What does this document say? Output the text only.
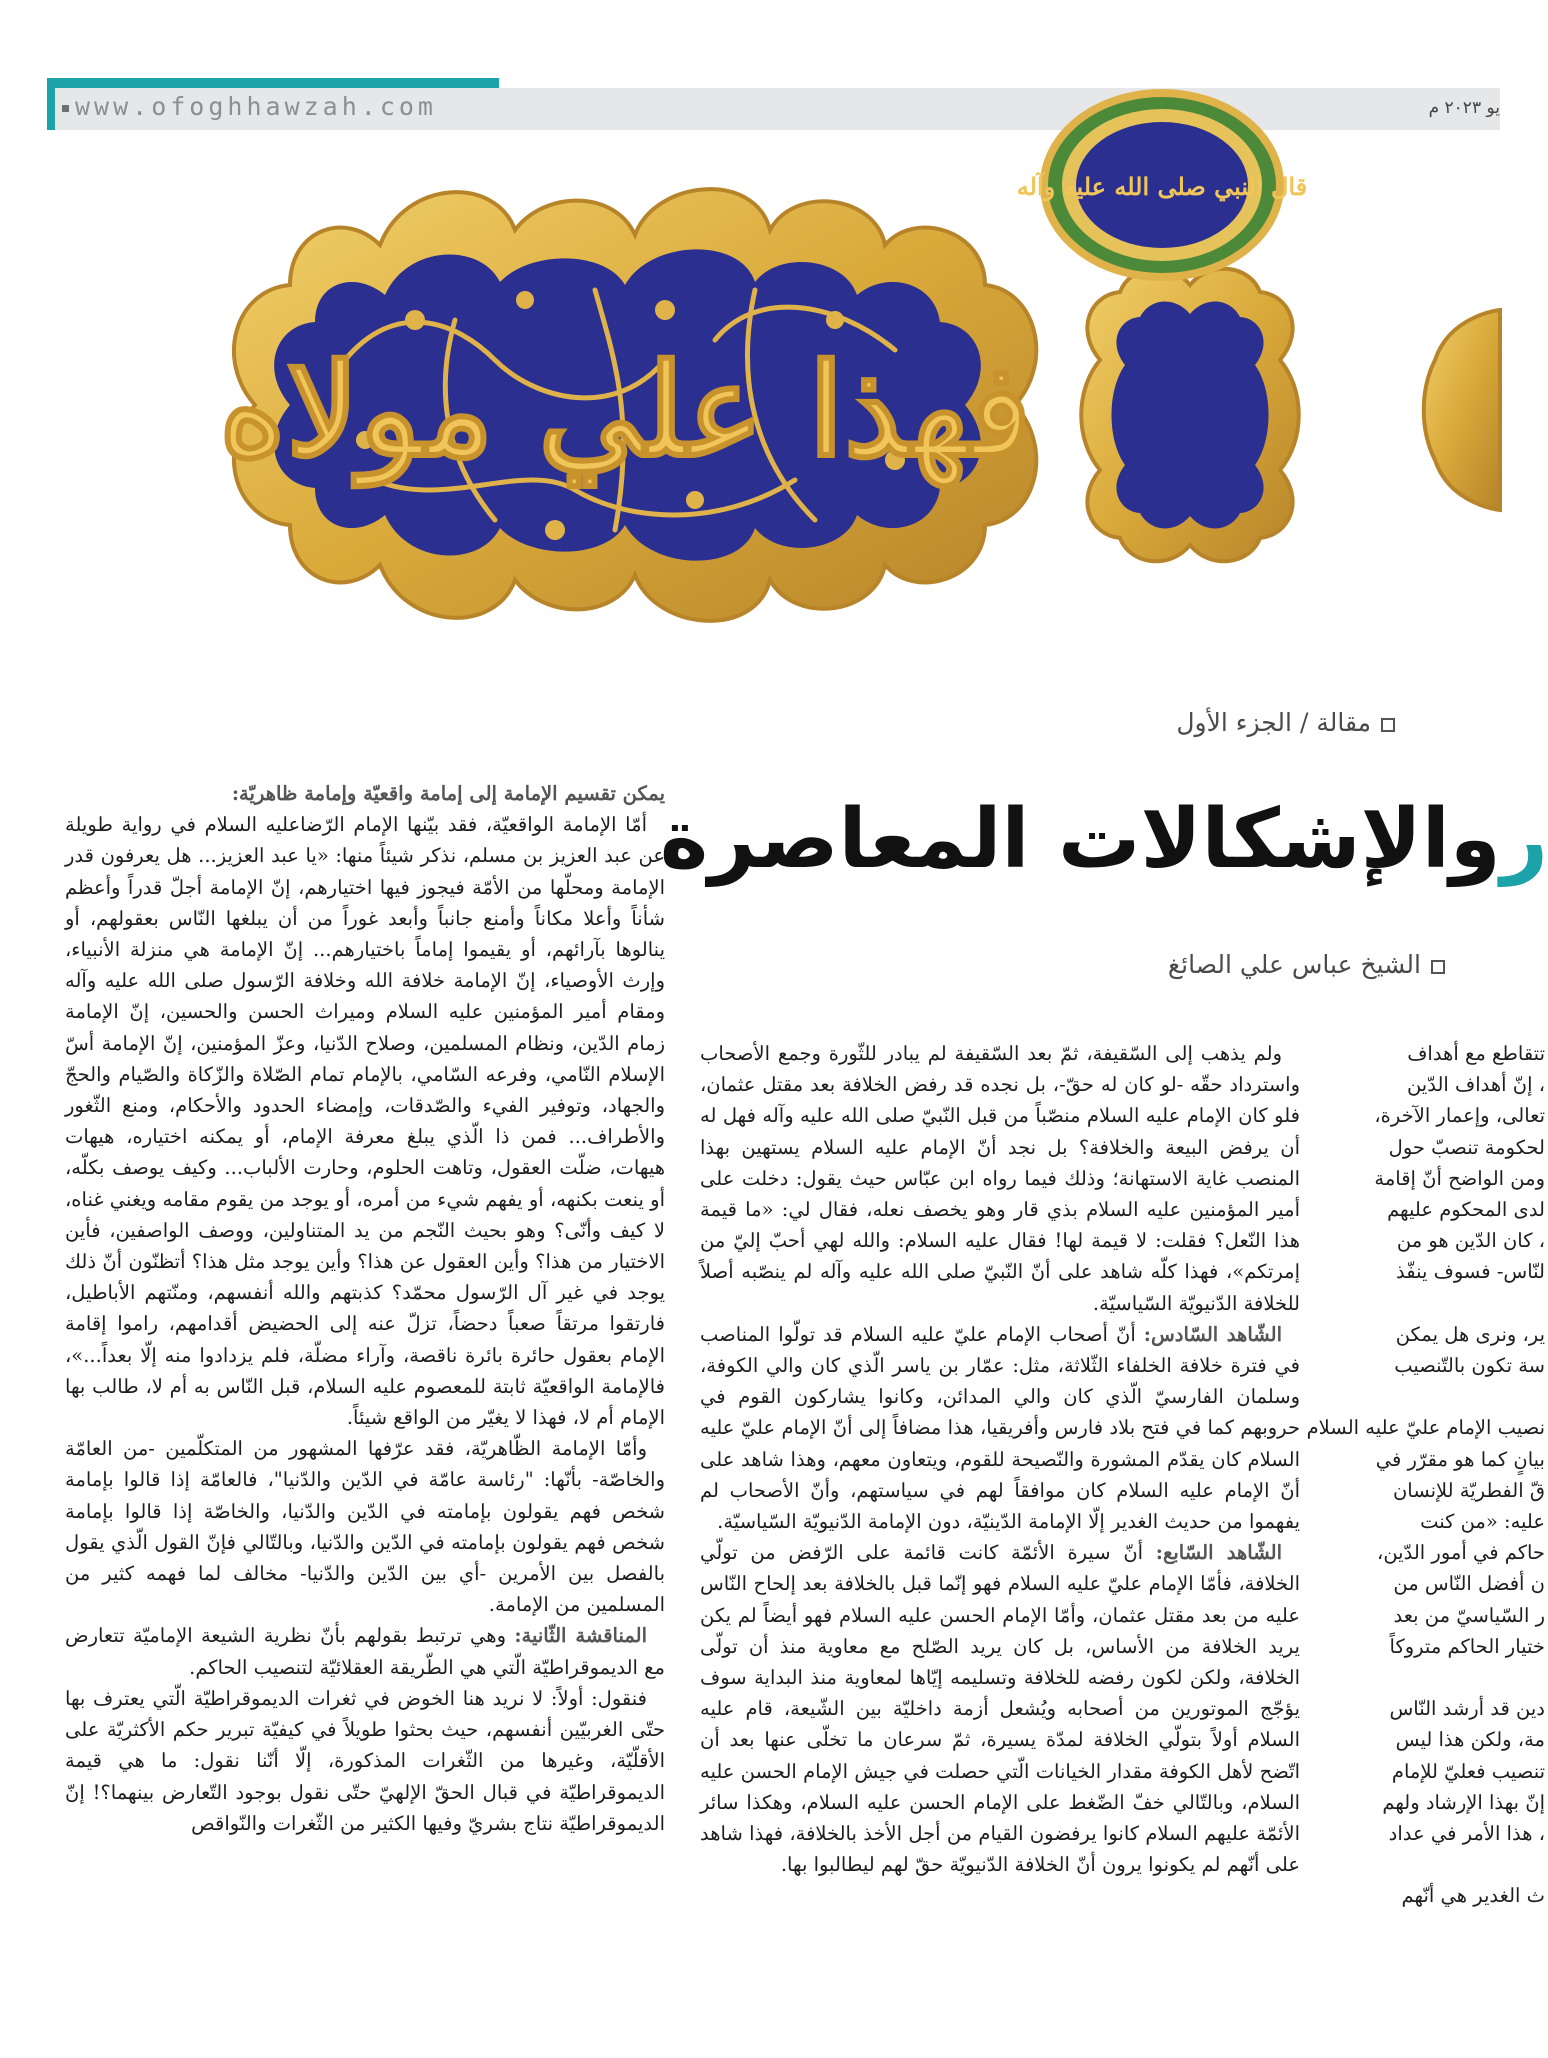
www.ofoghhawzah.com	يو ٢٠٢٣ م
فهذا علي مولاه
قال النبي صلى الله عليه وآله
مقالة / الجزء الأول
روالإشكالات المعاصرة
الشيخ عباس علي الصائغ

يمكن تقسيم الإمامة إلى إمامة واقعيّة وإمامة ظاهريّة:

أمّا الإمامة الواقعيّة، فقد بيّنها الإمام الرّضاعليه السلام في رواية طويلة عن عبد العزيز بن مسلم، نذكر شيئاً منها: «يا عبد العزيز... هل يعرفون قدر الإمامة ومحلّها من الأمّة فيجوز فيها اختيارهم، إنّ الإمامة أجلّ قدراً وأعظم شأناً وأعلا مكاناً وأمنع جانباً وأبعد غوراً من أن يبلغها النّاس بعقولهم، أو ينالوها بآرائهم، أو يقيموا إماماً باختيارهم... إنّ الإمامة هي منزلة الأنبياء، وإرث الأوصياء، إنّ الإمامة خلافة الله وخلافة الرّسول صلى الله عليه وآله ومقام أمير المؤمنين عليه السلام وميراث الحسن والحسين، إنّ الإمامة زمام الدّين، ونظام المسلمين، وصلاح الدّنيا، وعزّ المؤمنين، إنّ الإمامة أسّ الإسلام النّامي، وفرعه السّامي، بالإمام تمام الصّلاة والزّكاة والصّيام والحجّ والجهاد، وتوفير الفيء والصّدقات، وإمضاء الحدود والأحكام، ومنع الثّغور والأطراف... فمن ذا الّذي يبلغ معرفة الإمام، أو يمكنه اختياره، هيهات هيهات، ضلّت العقول، وتاهت الحلوم، وحارت الألباب... وكيف يوصف بكلّه، أو ينعت بكنهه، أو يفهم شيء من أمره، أو يوجد من يقوم مقامه ويغني غناه، لا كيف وأنّى؟ وهو بحيث النّجم من يد المتناولين، ووصف الواصفين، فأين الاختيار من هذا؟ وأين العقول عن هذا؟ وأين يوجد مثل هذا؟ أتظنّون أنّ ذلك يوجد في غير آل الرّسول محمّد؟ كذبتهم والله أنفسهم، ومنّتهم الأباطيل، فارتقوا مرتقاً صعباً دحضاً، تزلّ عنه إلى الحضيض أقدامهم، راموا إقامة الإمام بعقول حائرة بائرة ناقصة، وآراء مضلّة، فلم يزدادوا منه إلّا بعداً...»، فالإمامة الواقعيّة ثابتة للمعصوم عليه السلام، قبل النّاس به أم لا، طالب بها الإمام أم لا، فهذا لا يغيّر من الواقع شيئاً.

وأمّا الإمامة الظّاهريّة، فقد عرّفها المشهور من المتكلّمين -من العامّة والخاصّة- بأنّها: "رئاسة عامّة في الدّين والدّنيا"، فالعامّة إذا قالوا بإمامة شخص فهم يقولون بإمامته في الدّين والدّنيا، والخاصّة إذا قالوا بإمامة شخص فهم يقولون بإمامته في الدّين والدّنيا، وبالتّالي فإنّ القول الّذي يقول بالفصل بين الأمرين -أي بين الدّين والدّنيا- مخالف لما فهمه كثير من المسلمين من الإمامة.

المناقشة الثّانية: وهي ترتبط بقولهم بأنّ نظرية الشيعة الإماميّة تتعارض مع الديموقراطيّة الّتي هي الطّريقة العقلائيّة لتنصيب الحاكم.

فنقول: أولاً: لا نريد هنا الخوض في ثغرات الديموقراطيّة الّتي يعترف بها حتّى الغربيّين أنفسهم، حيث بحثوا طويلاً في كيفيّة تبرير حكم الأكثريّة على الأقلّيّة، وغيرها من الثّغرات المذكورة، إلّا أنّنا نقول: ما هي قيمة الديموقراطيّة في قبال الحقّ الإلهيّ حتّى نقول بوجود التّعارض بينهما؟! إنّ الديموقراطيّة نتاج بشريّ وفيها الكثير من الثّغرات والنّواقص

ولم يذهب إلى السّقيفة، ثمّ بعد السّقيفة لم يبادر للثّورة وجمع الأصحاب واسترداد حقّه -لو كان له حقّ-، بل نجده قد رفض الخلافة بعد مقتل عثمان، فلو كان الإمام عليه السلام منصّباً من قبل النّبيّ صلى الله عليه وآله فهل له أن يرفض البيعة والخلافة؟ بل نجد أنّ الإمام عليه السلام يستهين بهذا المنصب غاية الاستهانة؛ وذلك فيما رواه ابن عبّاس حيث يقول: دخلت على أمير المؤمنين عليه السلام بذي قار وهو يخصف نعله، فقال لي: «ما قيمة هذا النّعل؟ فقلت: لا قيمة لها! فقال عليه السلام: والله لهي أحبّ إليّ من إمرتكم»، فهذا كلّه شاهد على أنّ النّبيّ صلى الله عليه وآله لم ينصّبه أصلاً للخلافة الدّنيويّة السّياسيّة.

الشّاهد السّادس: أنّ أصحاب الإمام عليّ عليه السلام قد تولّوا المناصب في فترة خلافة الخلفاء الثّلاثة، مثل: عمّار بن ياسر الّذي كان والي الكوفة، وسلمان الفارسيّ الّذي كان والي المدائن، وكانوا يشاركون القوم في حروبهم كما في فتح بلاد فارس وأفريقيا، هذا مضافاً إلى أنّ الإمام عليّ عليه السلام كان يقدّم المشورة والنّصيحة للقوم، ويتعاون معهم، وهذا شاهد على أنّ الإمام عليه السلام كان موافقاً لهم في سياستهم، وأنّ الأصحاب لم يفهموا من حديث الغدير إلّا الإمامة الدّينيّة، دون الإمامة الدّنيويّة السّياسيّة.

الشّاهد السّابع: أنّ سيرة الأئمّة كانت قائمة على الرّفض من تولّي الخلافة، فأمّا الإمام عليّ عليه السلام فهو إنّما قبل بالخلافة بعد إلحاح النّاس عليه من بعد مقتل عثمان، وأمّا الإمام الحسن عليه السلام فهو أيضاً لم يكن يريد الخلافة من الأساس، بل كان يريد الصّلح مع معاوية منذ أن تولّى الخلافة، ولكن لكون رفضه للخلافة وتسليمه إيّاها لمعاوية منذ البداية سوف يؤجّج الموتورين من أصحابه ويُشعل أزمة داخليّة بين الشّيعة، قام عليه السلام أولاً بتولّي الخلافة لمدّة يسيرة، ثمّ سرعان ما تخلّى عنها بعد أن اتّضح لأهل الكوفة مقدار الخيانات الّتي حصلت في جيش الإمام الحسن عليه السلام، وبالتّالي خفّ الضّغط على الإمام الحسن عليه السلام، وهكذا سائر الأئمّة عليهم السلام كانوا يرفضون القيام من أجل الأخذ بالخلافة، فهذا شاهد على أنّهم لم يكونوا يرون أنّ الخلافة الدّنيويّة حقّ لهم ليطالبوا بها.

تتقاطع مع أهداف

، إنّ أهداف الدّين

تعالى، وإعمار الآخرة،

لحكومة تنصبّ حول

ومن الواضح أنّ إقامة

لدى المحكوم عليهم

، كان الدّين هو من

لنّاس- فسوف ينفّذ

ير، ونرى هل يمكن

سة تكون بالتّنصيب

نصيب الإمام عليّ عليه السلام

بيانٍ كما هو مقرّر في

قّ الفطريّة للإنسان

عليه: «من كنت

حاكم في أمور الدّين،

ن أفضل النّاس من

ر السّياسيّ من بعد

ختيار الحاكم متروكاً

دين قد أرشد النّاس

مة، ولكن هذا ليس

تنصيب فعليّ للإمام

إنّ بهذا الإرشاد ولهم

، هذا الأمر في عداد

ث الغدير هي أنّهم
